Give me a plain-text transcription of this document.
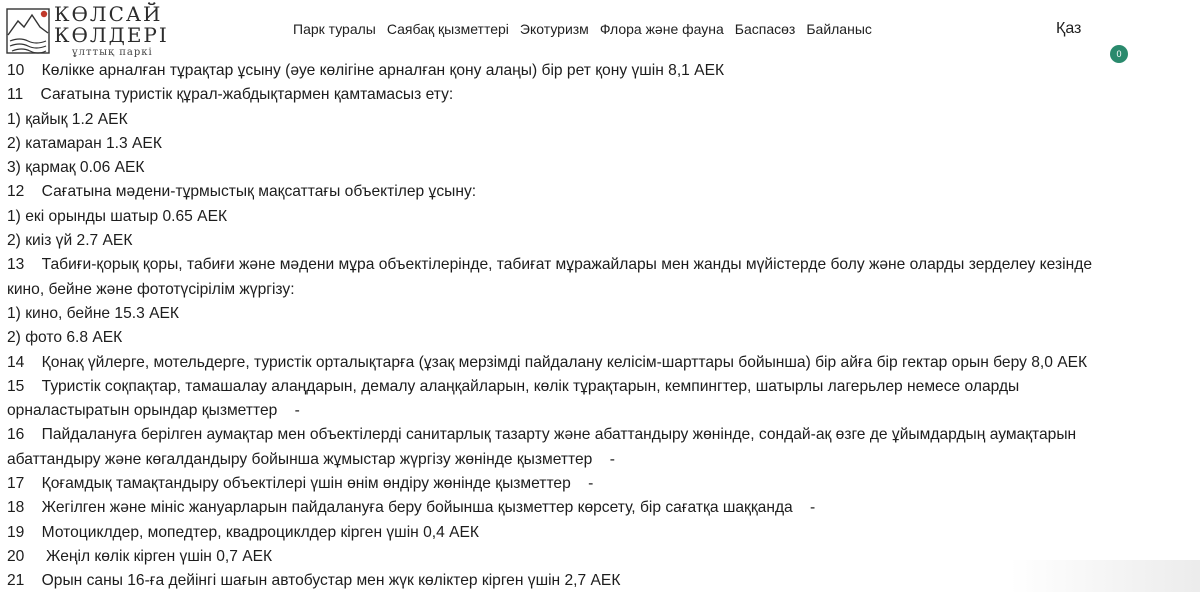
КӨЛСАЙ
КӨЛДЕРІ
ұлттық паркі
Парк туралы Саябақ қызметтері Экотуризм Флора және фауна Баспасөз Байланыс	Қаз
0
10    Көлікке арналған тұрақтар ұсыну (әуе көлігіне арналған қону алаңы) бір рет қону үшін 8,1 АЕК
11    Сағатына туристік құрал-жабдықтармен қамтамасыз ету:
1) қайық 1.2 АЕК
2) катамаран 1.3 АЕК
3) қармақ 0.06 АЕК
12    Сағатына мәдени-тұрмыстық мақсаттағы объектілер ұсыну:
1) екі орынды шатыр 0.65 АЕК
2) киіз үй 2.7 АЕК
13    Табиғи-қорық қоры, табиғи және мәдени мұра объектілерінде, табиғат мұражайлары мен жанды мүйістерде болу және оларды зерделеу кезінде
кино, бейне және фототүсірілім жүргізу:
1) кино, бейне 15.3 АЕК
2) фото 6.8 АЕК
14    Қонақ үйлерге, мотельдерге, туристік орталықтарға (ұзақ мерзімді пайдалану келісім-шарттары бойынша) бір айға бір гектар орын беру 8,0 АЕК
15    Туристік соқпақтар, тамашалау алаңдарын, демалу алаңқайларын, көлік тұрақтарын, кемпингтер, шатырлы лагерьлер немесе оларды
орналастыратын орындар қызметтер    -
16    Пайдалануға берілген аумақтар мен объектілерді санитарлық тазарту және абаттандыру жөнінде, сондай-ақ өзге де ұйымдардың аумақтарын
абаттандыру және көгалдандыру бойынша жұмыстар жүргізу жөнінде қызметтер    -
17    Қоғамдық тамақтандыру объектілері үшін өнім өндіру жөнінде қызметтер    -
18    Жегілген және мініс жануарларын пайдалануға беру бойынша қызметтер көрсету, бір сағатқа шаққанда    -
19    Мотоциклдер, мопедтер, квадроциклдер кірген үшін 0,4 АЕК
20     Жеңіл көлік кірген үшін 0,7 АЕК
21    Орын саны 16-ға дейінгі шағын автобустар мен жүк көліктер кірген үшін 2,7 АЕК
